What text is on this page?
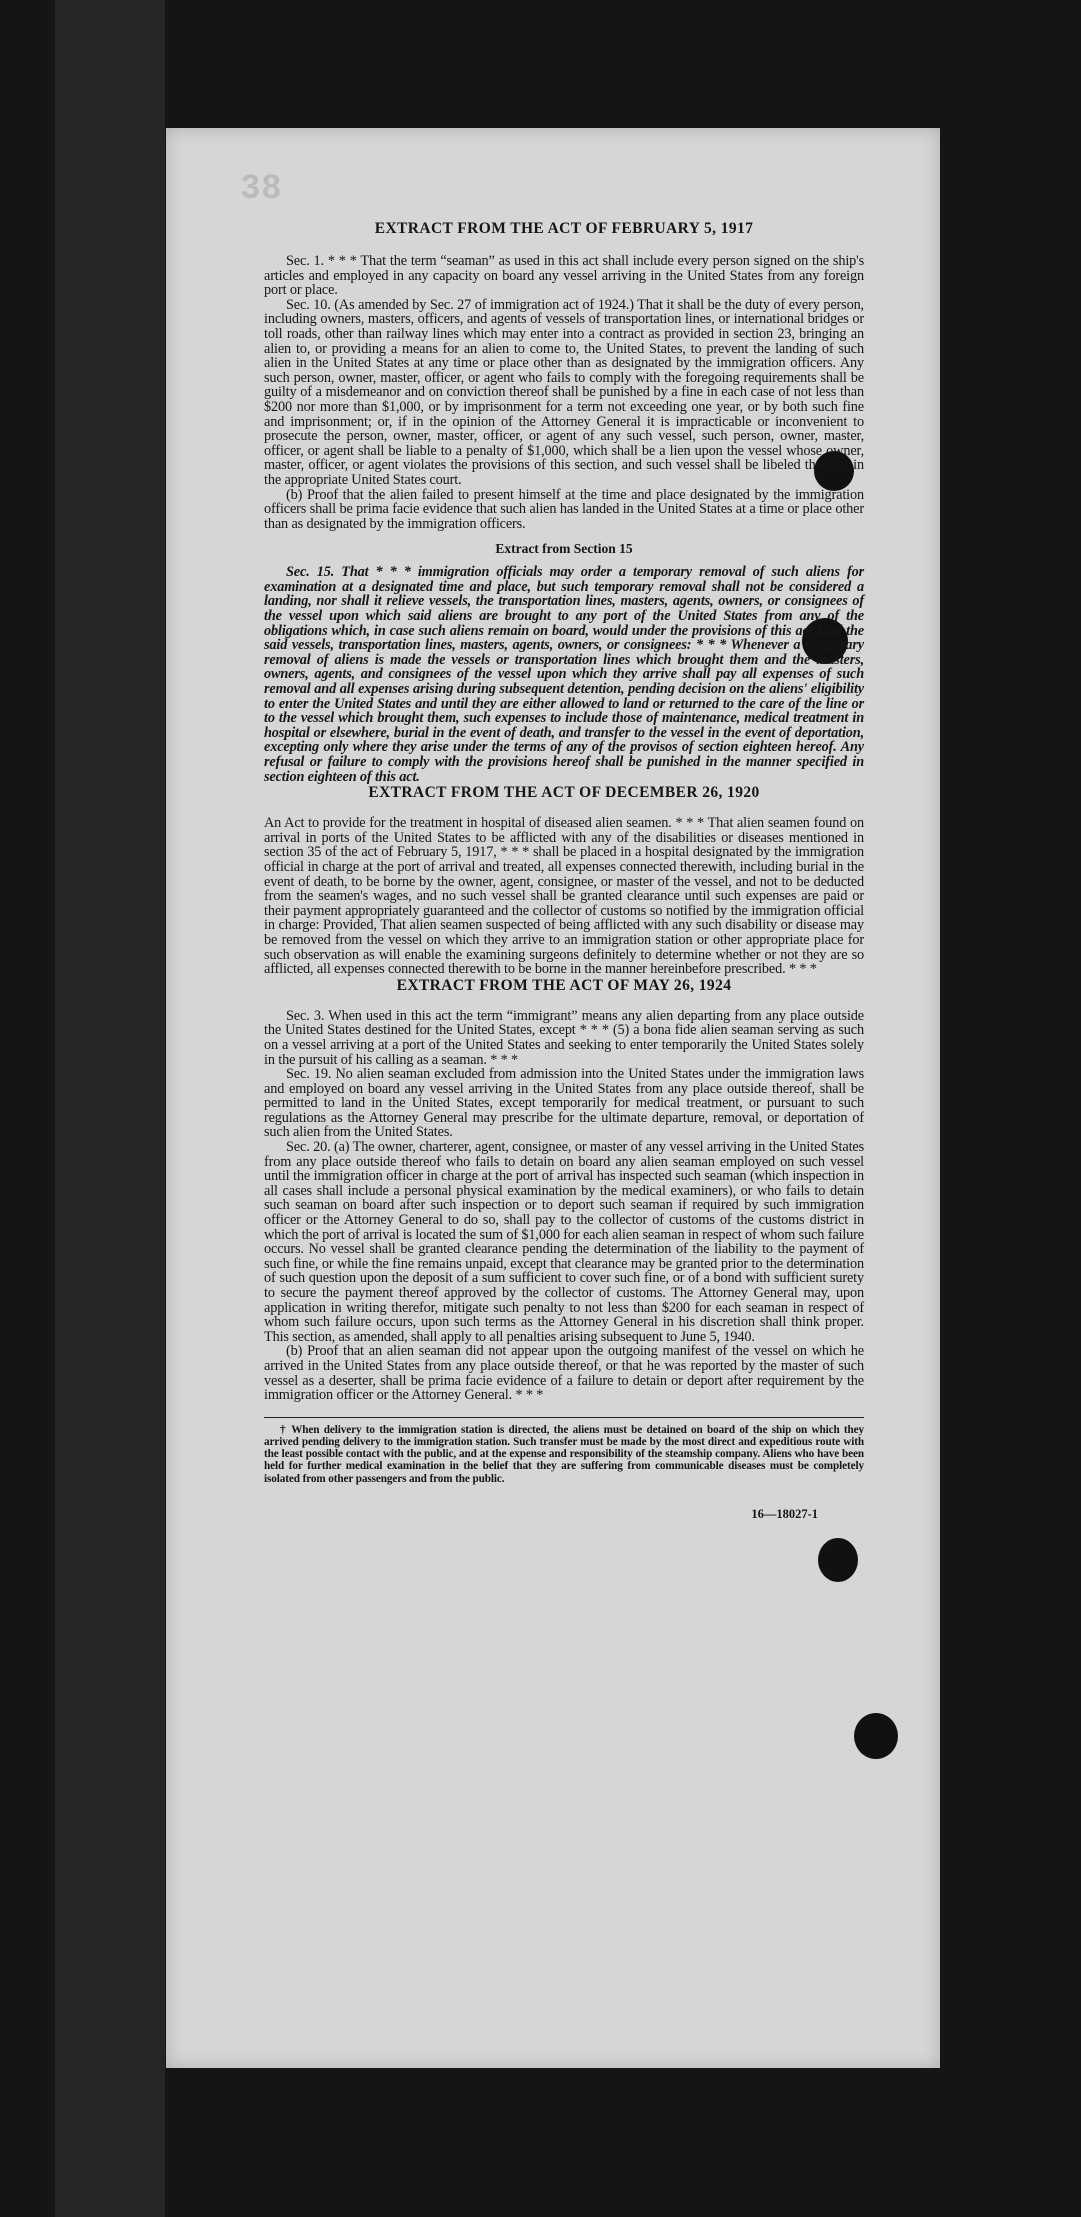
38
EXTRACT FROM THE ACT OF FEBRUARY 5, 1917

Sec. 1. * * * That the term “seaman” as used in this act shall include every person signed on the ship's articles and employed in any capacity on board any vessel arriving in the United States from any foreign port or place.

Sec. 10. (As amended by Sec. 27 of immigration act of 1924.) That it shall be the duty of every person, including owners, masters, officers, and agents of vessels of transportation lines, or international bridges or toll roads, other than railway lines which may enter into a contract as provided in section 23, bringing an alien to, or providing a means for an alien to come to, the United States, to prevent the landing of such alien in the United States at any time or place other than as designated by the immigration officers. Any such person, owner, master, officer, or agent who fails to comply with the foregoing requirements shall be guilty of a misdemeanor and on conviction thereof shall be punished by a fine in each case of not less than $200 nor more than $1,000, or by imprisonment for a term not exceeding one year, or by both such fine and imprisonment; or, if in the opinion of the Attorney General it is impracticable or inconvenient to prosecute the person, owner, master, officer, or agent of any such vessel, such person, owner, master, officer, or agent shall be liable to a penalty of $1,000, which shall be a lien upon the vessel whose owner, master, officer, or agent violates the provisions of this section, and such vessel shall be libeled therefor in the appropriate United States court.

(b) Proof that the alien failed to present himself at the time and place designated by the immigration officers shall be prima facie evidence that such alien has landed in the United States at a time or place other than as designated by the immigration officers.

Extract from Section 15

Sec. 15. That * * * immigration officials may order a temporary removal of such aliens for examination at a designated time and place, but such temporary removal shall not be considered a landing, nor shall it relieve vessels, the transportation lines, masters, agents, owners, or consignees of the vessel upon which said aliens are brought to any port of the United States from any of the obligations which, in case such aliens remain on board, would under the provisions of this act bind the said vessels, transportation lines, masters, agents, owners, or consignees: * * * Whenever a temporary removal of aliens is made the vessels or transportation lines which brought them and the masters, owners, agents, and consignees of the vessel upon which they arrive shall pay all expenses of such removal and all expenses arising during subsequent detention, pending decision on the aliens' eligibility to enter the United States and until they are either allowed to land or returned to the care of the line or to the vessel which brought them, such expenses to include those of maintenance, medical treatment in hospital or elsewhere, burial in the event of death, and transfer to the vessel in the event of deportation, excepting only where they arise under the terms of any of the provisos of section eighteen hereof. Any refusal or failure to comply with the provisions hereof shall be punished in the manner specified in section eighteen of this act.

EXTRACT FROM THE ACT OF DECEMBER 26, 1920

An Act to provide for the treatment in hospital of diseased alien seamen. * * * That alien seamen found on arrival in ports of the United States to be afflicted with any of the disabilities or diseases mentioned in section 35 of the act of February 5, 1917, * * * shall be placed in a hospital designated by the immigration official in charge at the port of arrival and treated, all expenses connected therewith, including burial in the event of death, to be borne by the owner, agent, consignee, or master of the vessel, and not to be deducted from the seamen's wages, and no such vessel shall be granted clearance until such expenses are paid or their payment appropriately guaranteed and the collector of customs so notified by the immigration official in charge: Provided, That alien seamen suspected of being afflicted with any such disability or disease may be removed from the vessel on which they arrive to an immigration station or other appropriate place for such observation as will enable the examining surgeons definitely to determine whether or not they are so afflicted, all expenses connected therewith to be borne in the manner hereinbefore prescribed. * * *

EXTRACT FROM THE ACT OF MAY 26, 1924

Sec. 3. When used in this act the term “immigrant” means any alien departing from any place outside the United States destined for the United States, except * * * (5) a bona fide alien seaman serving as such on a vessel arriving at a port of the United States and seeking to enter temporarily the United States solely in the pursuit of his calling as a seaman. * * *

Sec. 19. No alien seaman excluded from admission into the United States under the immigration laws and employed on board any vessel arriving in the United States from any place outside thereof, shall be permitted to land in the United States, except temporarily for medical treatment, or pursuant to such regulations as the Attorney General may prescribe for the ultimate departure, removal, or deportation of such alien from the United States.

Sec. 20. (a) The owner, charterer, agent, consignee, or master of any vessel arriving in the United States from any place outside thereof who fails to detain on board any alien seaman employed on such vessel until the immigration officer in charge at the port of arrival has inspected such seaman (which inspection in all cases shall include a personal physical examination by the medical examiners), or who fails to detain such seaman on board after such inspection or to deport such seaman if required by such immigration officer or the Attorney General to do so, shall pay to the collector of customs of the customs district in which the port of arrival is located the sum of $1,000 for each alien seaman in respect of whom such failure occurs. No vessel shall be granted clearance pending the determination of the liability to the payment of such fine, or while the fine remains unpaid, except that clearance may be granted prior to the determination of such question upon the deposit of a sum sufficient to cover such fine, or of a bond with sufficient surety to secure the payment thereof approved by the collector of customs. The Attorney General may, upon application in writing therefor, mitigate such penalty to not less than $200 for each seaman in respect of whom such failure occurs, upon such terms as the Attorney General in his discretion shall think proper. This section, as amended, shall apply to all penalties arising subsequent to June 5, 1940.

(b) Proof that an alien seaman did not appear upon the outgoing manifest of the vessel on which he arrived in the United States from any place outside thereof, or that he was reported by the master of such vessel as a deserter, shall be prima facie evidence of a failure to detain or deport after requirement by the immigration officer or the Attorney General. * * *

† When delivery to the immigration station is directed, the aliens must be detained on board of the ship on which they arrived pending delivery to the immigration station. Such transfer must be made by the most direct and expeditious route with the least possible contact with the public, and at the expense and responsibility of the steamship company. Aliens who have been held for further medical examination in the belief that they are suffering from communicable diseases must be completely isolated from other passengers and from the public.

16—18027-1
